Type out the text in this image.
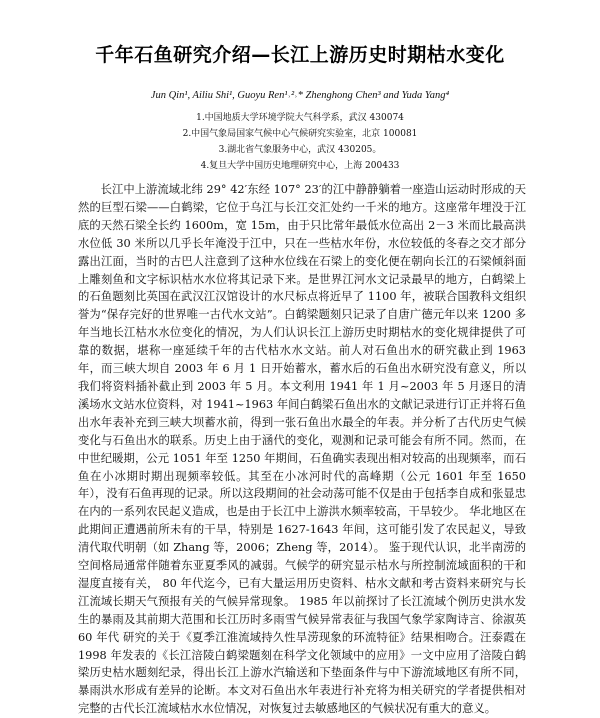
千年石鱼研究介绍—长江上游历史时期枯水变化
Jun Qin¹, Ailiu Shi¹, Guoyu Ren¹˒²˒* Zhenghong Chen³ and Yuda Yang⁴
1.中国地质大学环境学院大气科学系，武汉 430074
2.中国气象局国家气候中心气候研究实验室，北京 100081
3.湖北省气象服务中心，武汉 430205。
4.复旦大学中国历史地理研究中心，上海 200433

长江中上游流域北纬 29° 42′东经 107° 23′的江中静静躺着一座造山运动时形成的天然的巨型石梁——白鹤梁，它位于乌江与长江交汇处约一千米的地方。这座常年埋没于江底的天然石梁全长约 1600m，宽 15m，由于只比常年最低水位高出 2－3 米而比最高洪水位低 30 米所以几乎长年淹没于江中，只在一些枯水年份，水位较低的冬春之交才部分露出江面，当时的古巴人注意到了这种水位线在石梁上的变化便在朝向长江的石梁倾斜面上雕刻鱼和文字标识枯水水位将其记录下来。是世界江河水文记录最早的地方，白鹤梁上的石鱼题刻比英国在武汉江汉馆设计的水尺标点将近早了 1100 年，被联合国教科文组织誉为“保存完好的世界唯一古代水文站”。白鹤梁题刻只记录了自唐广德元年以来 1200 多年当地长江枯水水位变化的情况，为人们认识长江上游历史时期枯水的变化规律提供了可靠的数据，堪称一座延续千年的古代枯水水文站。前人对石鱼出水的研究截止到 1963 年，而三峡大坝自 2003 年 6 月 1 日开始蓄水，蓄水后的石鱼出水研究没有意义，所以我们将资料插补截止到 2003 年 5 月。本文利用 1941 年 1 月~2003 年 5 月逐日的清溪场水文站水位资料，对 1941~1963 年间白鹤梁石鱼出水的文献记录进行订正并将石鱼出水年表补充到三峡大坝蓄水前，得到一张石鱼出水最全的年表。并分析了古代历史气候变化与石鱼出水的联系。历史上由于涵代的变化，观测和记录可能会有所不同。然而，在中世纪暖期，公元 1051 年至 1250 年期间，石鱼确实表现出相对较高的出现频率，而石鱼在小冰期时期出现频率较低。其至在小冰河时代的高峰期（公元 1601 年至 1650 年），没有石鱼再现的记录。所以这段期间的社会动荡可能不仅是由于包括李自成和张显忠在内的一系列农民起义造成，也是由于长江中上游洪水频率较高，干旱较少。 华北地区在此期间正遭遇前所未有的干旱，特别是 1627-1643 年间，这可能引发了农民起义，导致清代取代明朝（如 Zhang 等，2006；Zheng 等，2014）。 鉴于现代认识，北半南涝的空间格局通常伴随着东亚夏季风的减弱。气候学的研究显示枯水与所控制流域面积的干和湿度直接有关， 80 年代迄今，已有大量运用历史资料、枯水文献和考古资料来研究与长江流域长期天气预报有关的气候异常现象。 1985 年以前探讨了长江流域个例历史洪水发生的暴雨及其前期大范围和长江历时多雨雪气候异常表征与我国气象学家陶诗言、徐淑英 60 年代 研究的关于《夏季江淮流域持久性旱涝现象的环流特征》结果相吻合。汪泰霞在 1998 年发表的《长江涪陵白鹤梁题刻在科学文化领域中的应用》一文中应用了涪陵白鹤梁历史枯水题刻纪录，得出长江上游水汽输送和下垫面条件与中下游流域地区有所不同，暴雨洪水形成有差异的论断。本文对石鱼出水年表进行补充将为相关研究的学者提供相对完整的古代长江流域枯水水位情况，对恢复过去敏感地区的气候状况有重大的意义。
